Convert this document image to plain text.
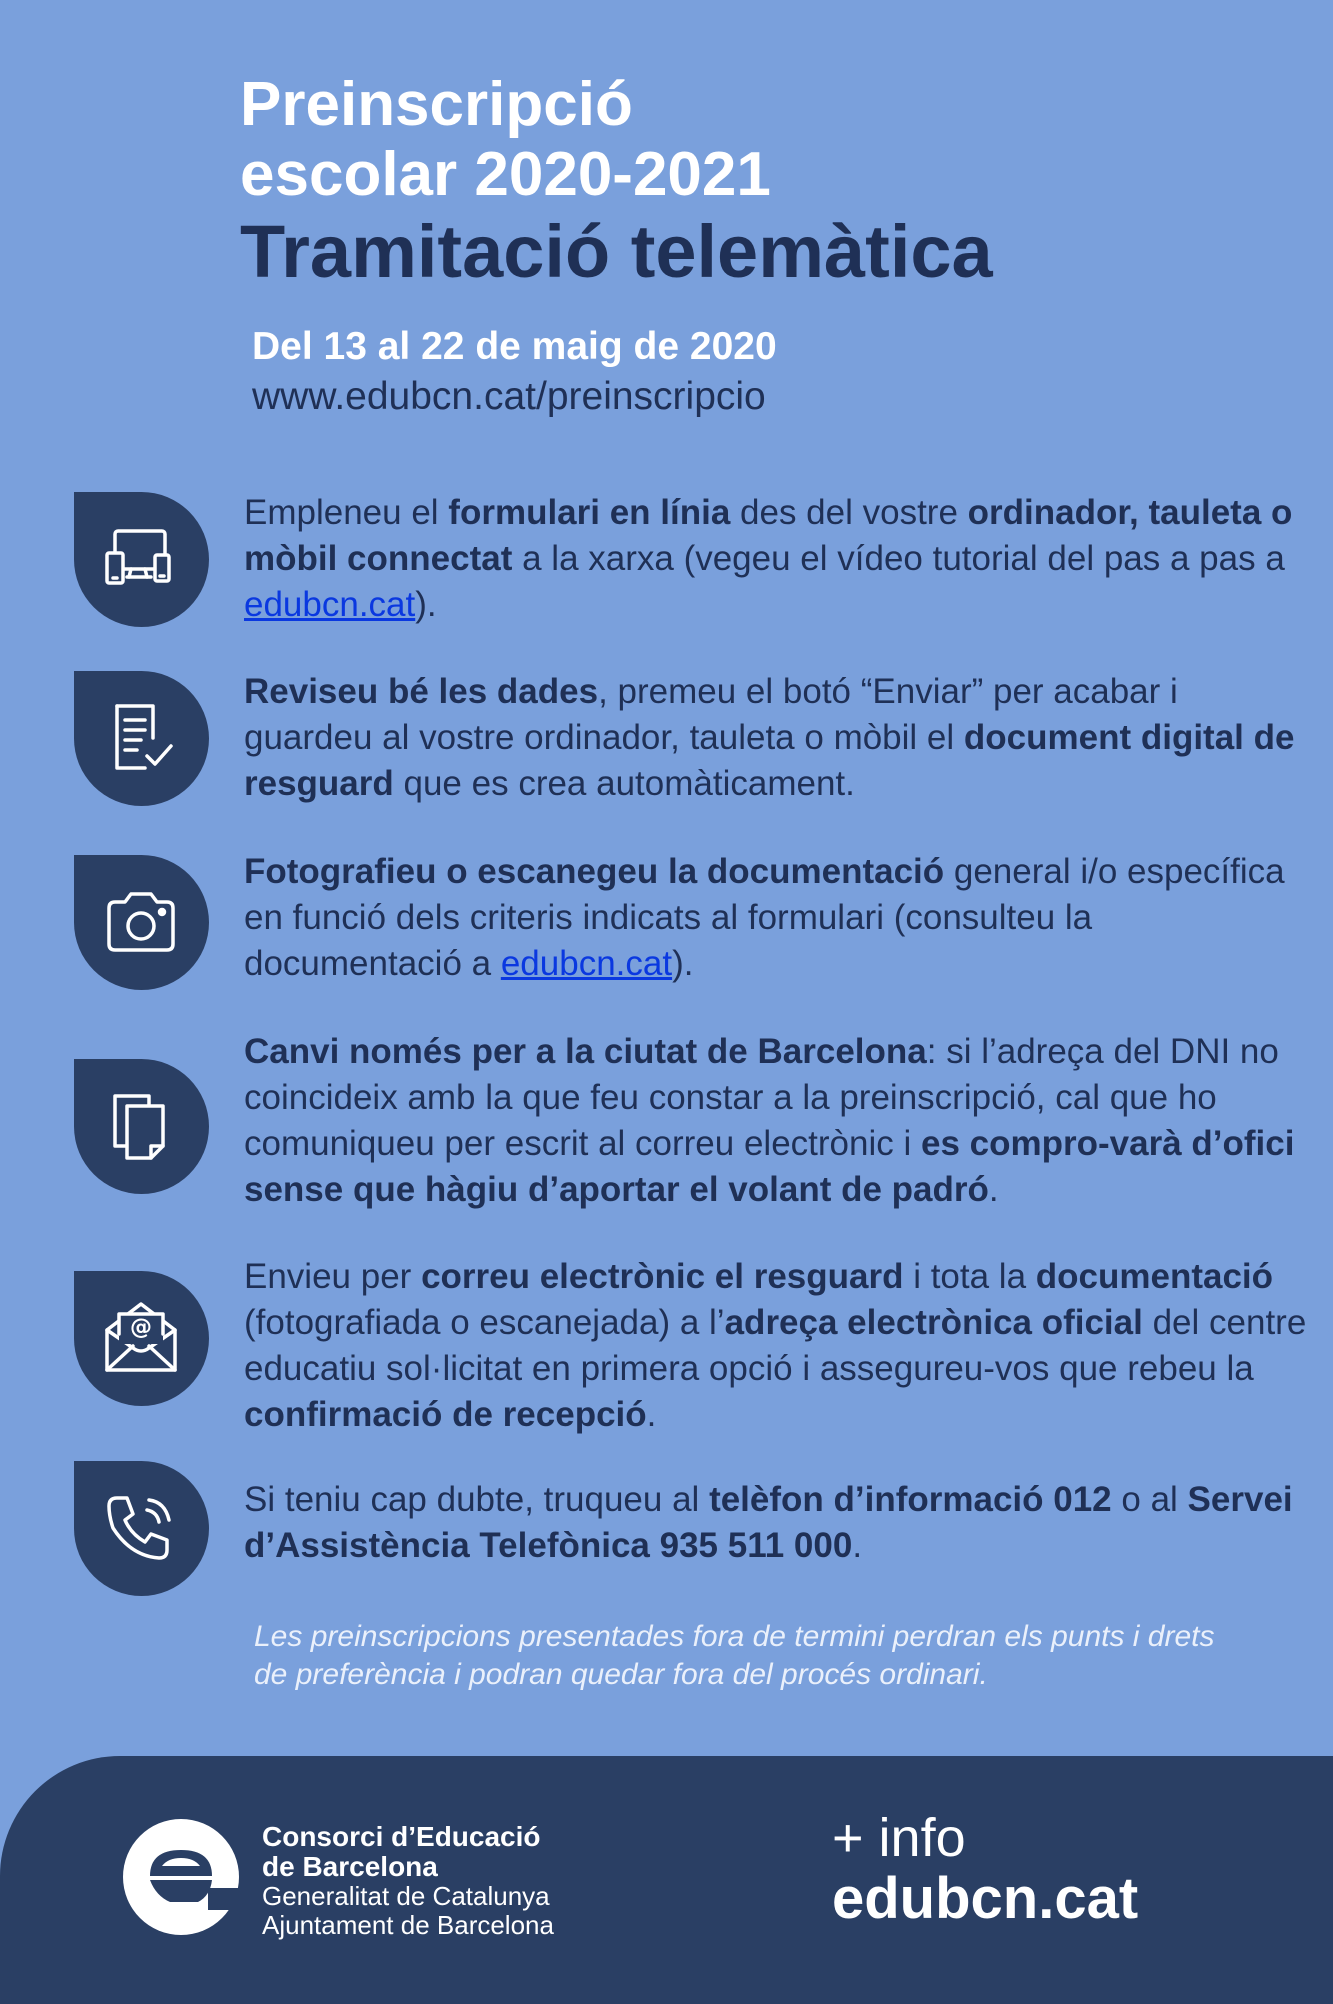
Preinscripció

escolar 2020-2021

Tramitació telemàtica

Del 13 al 22 de maig de 2020
www.edubcn.cat/preinscripcio
Empleneu el formulari en línia des del vostre ordinador, tauleta o mòbil connectat a la xarxa (vegeu el vídeo tutorial del pas a pas a edubcn.cat).
Reviseu bé les dades, premeu el botó “Enviar” per acabar i guardeu al vostre ordinador, tauleta o mòbil el document digital de resguard que es crea automàticament.
Fotografieu o escanegeu la documentació general i/o específica en funció dels criteris indicats al formulari (consulteu la documentació a edubcn.cat).
Canvi només per a la ciutat de Barcelona: si l’adreça del DNI no coincideix amb la que feu constar a la preinscripció, cal que ho comuniqueu per escrit al correu electrònic i es compro-varà d’ofici sense que hàgiu d’aportar el volant de padró.
@
Envieu per correu electrònic el resguard i tota la documentació (fotografiada o escanejada) a l’adreça electrònica oficial del centre educatiu sol·licitat en primera opció i assegureu-vos que rebeu la confirmació de recepció.
Si teniu cap dubte, truqueu al telèfon d’informació 012 o al Servei d’Assistència Telefònica 935 511 000.
Les preinscripcions presentades fora de termini perdran els punts i drets de preferència i podran quedar fora del procés ordinari.
Consorci d’Educació
de Barcelona
Generalitat de Catalunya
Ajuntament de Barcelona
+ info
edubcn.cat
